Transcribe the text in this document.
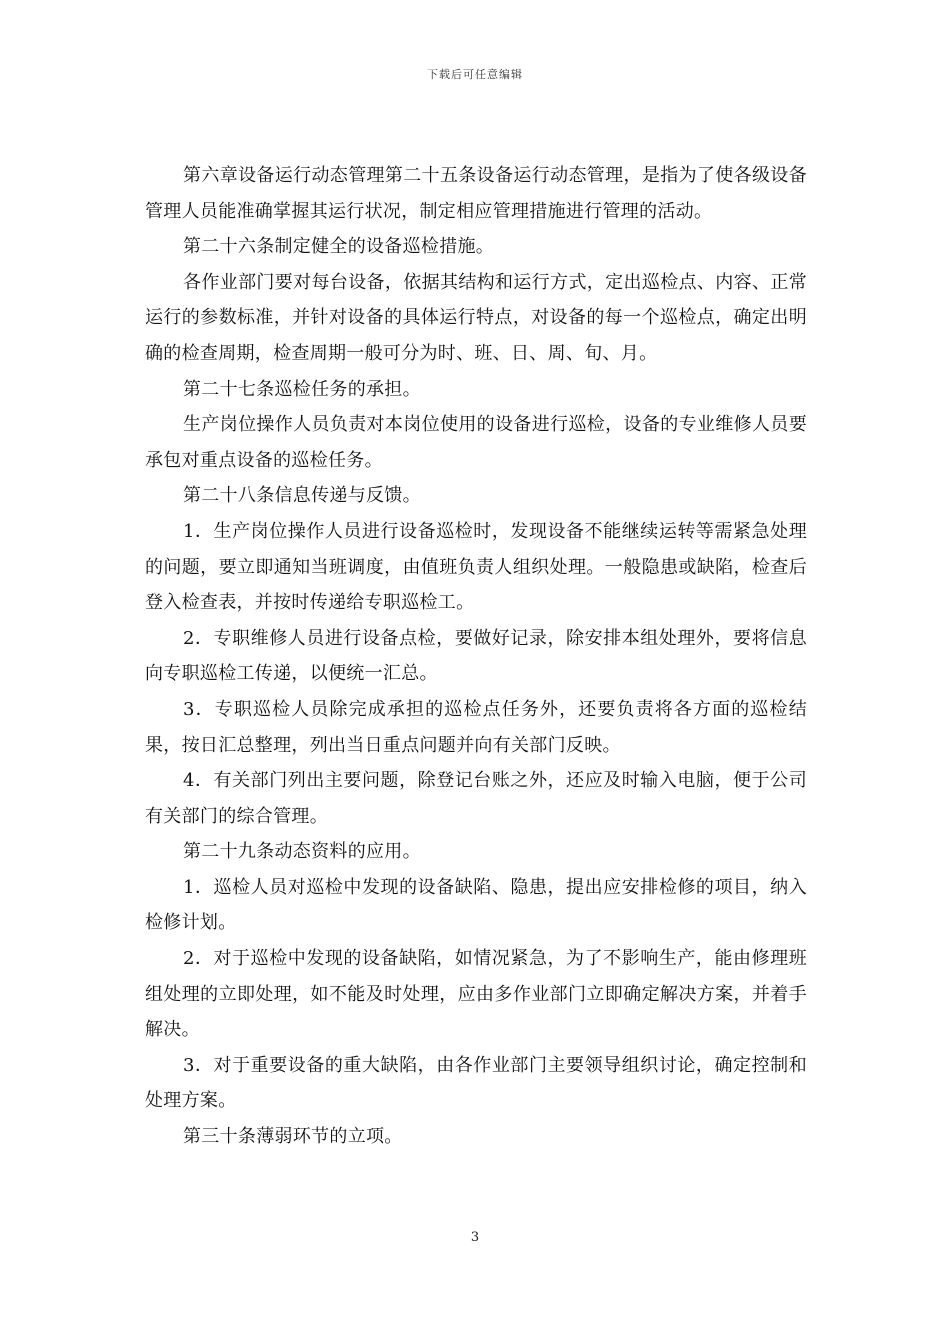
下载后可任意编辑

第六章设备运行动态管理第二十五条设备运行动态管理，是指为了使各级设备管理人员能准确掌握其运行状况，制定相应管理措施进行管理的活动。

第二十六条制定健全的设备巡检措施。

各作业部门要对每台设备，依据其结构和运行方式，定出巡检点、内容、正常运行的参数标准，并针对设备的具体运行特点，对设备的每一个巡检点，确定出明确的检查周期，检查周期一般可分为时、班、日、周、旬、月。

第二十七条巡检任务的承担。

生产岗位操作人员负责对本岗位使用的设备进行巡检，设备的专业维修人员要承包对重点设备的巡检任务。

第二十八条信息传递与反馈。

1．生产岗位操作人员进行设备巡检时，发现设备不能继续运转等需紧急处理的问题，要立即通知当班调度，由值班负责人组织处理。一般隐患或缺陷，检查后登入检查表，并按时传递给专职巡检工。

2．专职维修人员进行设备点检，要做好记录，除安排本组处理外，要将信息向专职巡检工传递，以便统一汇总。

3．专职巡检人员除完成承担的巡检点任务外，还要负责将各方面的巡检结果，按日汇总整理，列出当日重点问题并向有关部门反映。

4．有关部门列出主要问题，除登记台账之外，还应及时输入电脑，便于公司有关部门的综合管理。

第二十九条动态资料的应用。

1．巡检人员对巡检中发现的设备缺陷、隐患，提出应安排检修的项目，纳入检修计划。

2．对于巡检中发现的设备缺陷，如情况紧急，为了不影响生产，能由修理班组处理的立即处理，如不能及时处理，应由多作业部门立即确定解决方案，并着手解决。

3．对于重要设备的重大缺陷，由各作业部门主要领导组织讨论，确定控制和处理方案。

第三十条薄弱环节的立项。

3
